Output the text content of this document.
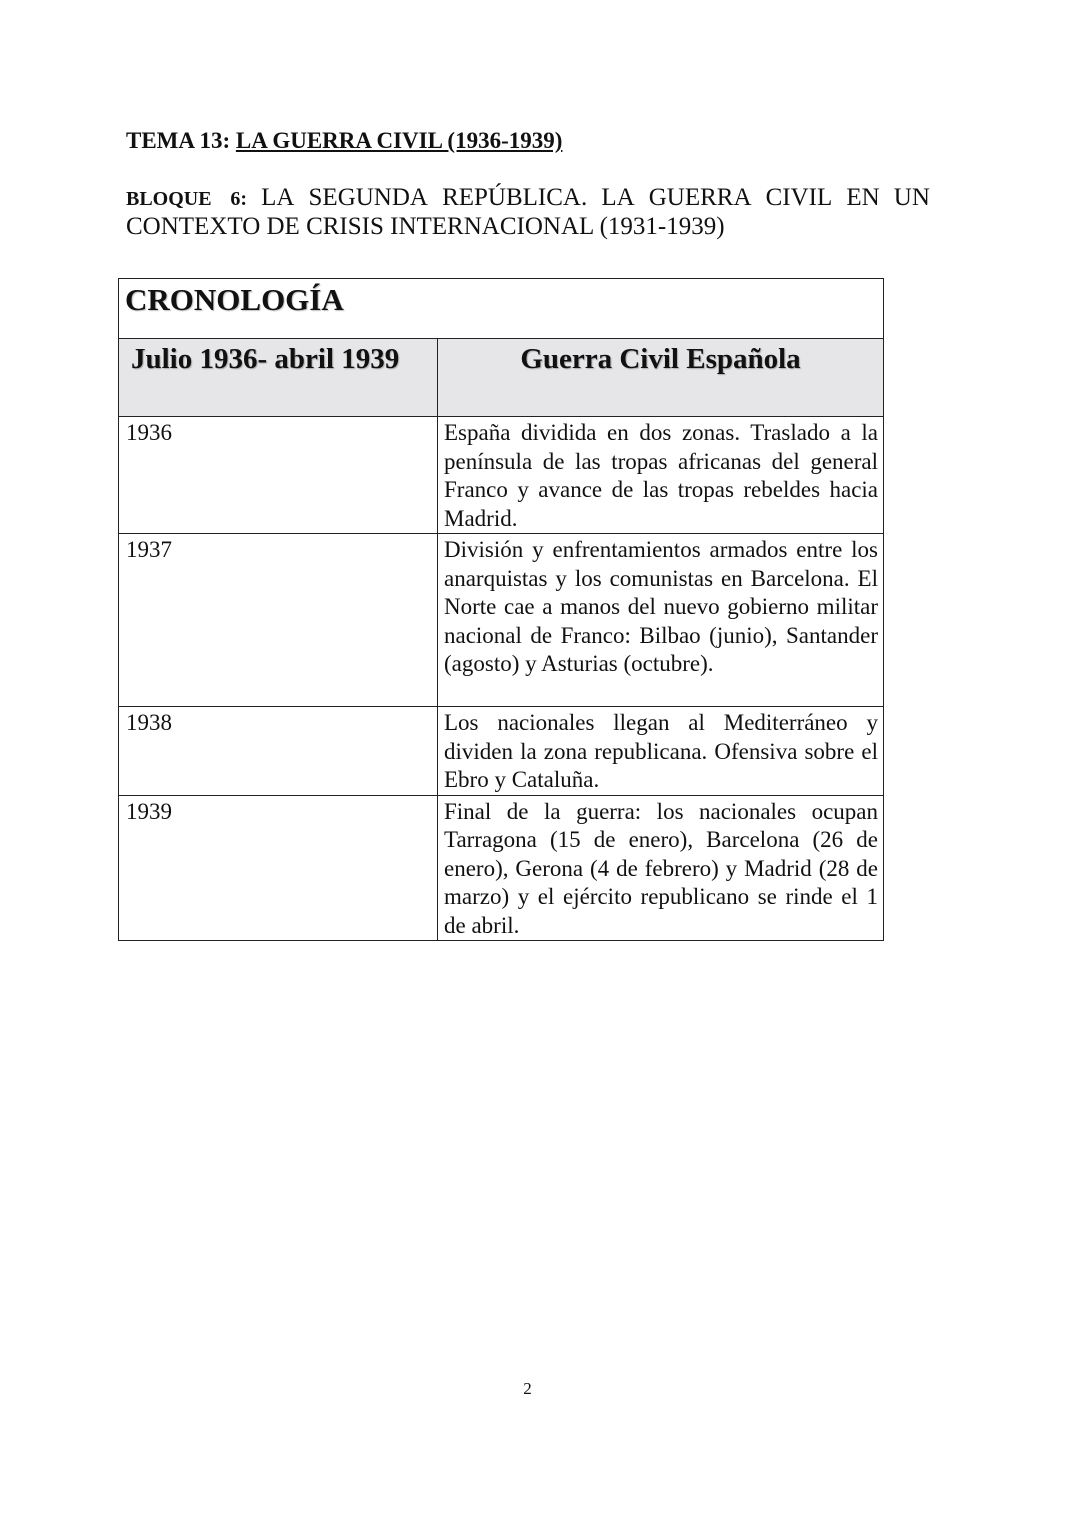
TEMA 13: LA GUERRA CIVIL (1936-1939)
BLOQUE 6: LA SEGUNDA REPÚBLICA. LA GUERRA CIVIL EN UN
CONTEXTO DE CRISIS INTERNACIONAL (1931-1939)
CRONOLOGÍA	
Julio 1936- abril 1939	Guerra Civil Española
1936	España dividida en dos zonas. Traslado a la península de las tropas africanas del general Franco y avance de las tropas rebeldes hacia Madrid.
1937	División y enfrentamientos armados entre los anarquistas y los comunistas en Barcelona. El Norte cae a manos del nuevo gobierno militar nacional de Franco: Bilbao (junio), Santander (agosto) y Asturias (octubre).
1938	Los nacionales llegan al Mediterráneo y dividen la zona republicana. Ofensiva sobre el Ebro y Cataluña.
1939	Final de la guerra: los nacionales ocupan Tarragona (15 de enero), Barcelona (26 de enero), Gerona (4 de febrero) y Madrid (28 de marzo) y el ejército republicano se rinde el 1 de abril.
2
